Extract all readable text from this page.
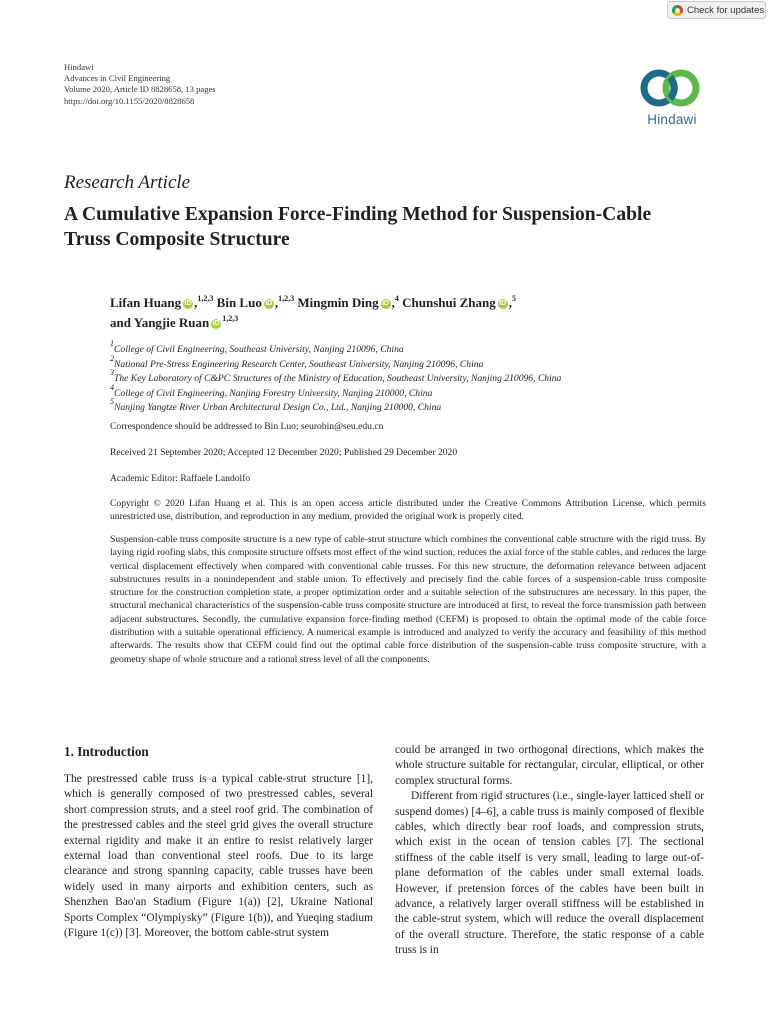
Check for updates
Hindawi
Advances in Civil Engineering
Volume 2020, Article ID 8828658, 13 pages
https://doi.org/10.1155/2020/8828658
Hindawi
Research Article
A Cumulative Expansion Force-Finding Method for Suspension-Cable Truss Composite Structure
Lifan Huang iD ,$^{1,2,3}$ Bin Luo iD ,$^{1,2,3}$ Mingmin Ding iD ,$^4$ Chunshui Zhang iD ,$^5$
and Yangjie Ruan iD$^{1,2,3}$
$^1$College of Civil Engineering, Southeast University, Nanjing 210096, China
$^2$National Pre-Stress Engineering Research Center, Southeast University, Nanjing 210096, China
$^3$The Key Laboratory of C&PC Structures of the Ministry of Education, Southeast University, Nanjing 210096, China
$^4$College of Civil Engineering, Nanjing Forestry University, Nanjing 210000, China
$^5$Nanjing Yangtze River Urban Architectural Design Co., Ltd., Nanjing 210000, China
Correspondence should be addressed to Bin Luo; seurobin@seu.edu.cn
Received 21 September 2020; Accepted 12 December 2020; Published 29 December 2020
Academic Editor: Raffaele Landolfo
Copyright © 2020 Lifan Huang et al. This is an open access article distributed under the Creative Commons Attribution License, which permits unrestricted use, distribution, and reproduction in any medium, provided the original work is properly cited.
Suspension-cable truss composite structure is a new type of cable-strut structure which combines the conventional cable structure with the rigid truss. By laying rigid roofing slabs, this composite structure offsets most effect of the wind suction, reduces the axial force of the stable cables, and reduces the large vertical displacement effectively when compared with conventional cable trusses. For this new structure, the deformation relevance between adjacent substructures results in a nonindependent and stable union. To effectively and precisely find the cable forces of a suspension-cable truss composite structure for the construction completion state, a proper optimization order and a suitable selection of the substructures are necessary. In this paper, the structural mechanical characteristics of the suspension-cable truss composite structure are introduced at first, to reveal the force transmission path between adjacent substructures. Secondly, the cumulative expansion force-finding method (CEFM) is proposed to obtain the optimal mode of the cable force distribution with a suitable operational efficiency. A numerical example is introduced and analyzed to verify the accuracy and feasibility of this method afterwards. The results show that CEFM could find out the optimal cable force distribution of the suspension-cable truss composite structure, with a geometry shape of whole structure and a rational stress level of all the components.
1. Introduction

The prestressed cable truss is a typical cable-strut structure [1], which is generally composed of two prestressed cables, several short compression struts, and a steel roof grid. The combination of the prestressed cables and the steel grid gives the overall structure external rigidity and make it an entire to resist relatively larger external load than conventional steel roofs. Due to its large clearance and strong spanning capacity, cable trusses have been widely used in many airports and exhibition centers, such as Shenzhen Bao'an Stadium (Figure 1(a)) [2], Ukraine National Sports Complex “Olympiysky” (Figure 1(b)), and Yueqing stadium (Figure 1(c)) [3]. Moreover, the bottom cable-strut system

could be arranged in two orthogonal directions, which makes the whole structure suitable for rectangular, circular, elliptical, or other complex structural forms.

Different from rigid structures (i.e., single-layer latticed shell or suspend domes) [4–6], a cable truss is mainly composed of flexible cables, which directly bear roof loads, and compression struts, which exist in the ocean of tension cables [7]. The sectional stiffness of the cable itself is very small, leading to large out-of-plane deformation of the cables under small external loads. However, if pretension forces of the cables have been built in advance, a relatively larger overall stiffness will be established in the cable-strut system, which will reduce the overall displacement of the overall structure. Therefore, the static response of a cable truss is in
